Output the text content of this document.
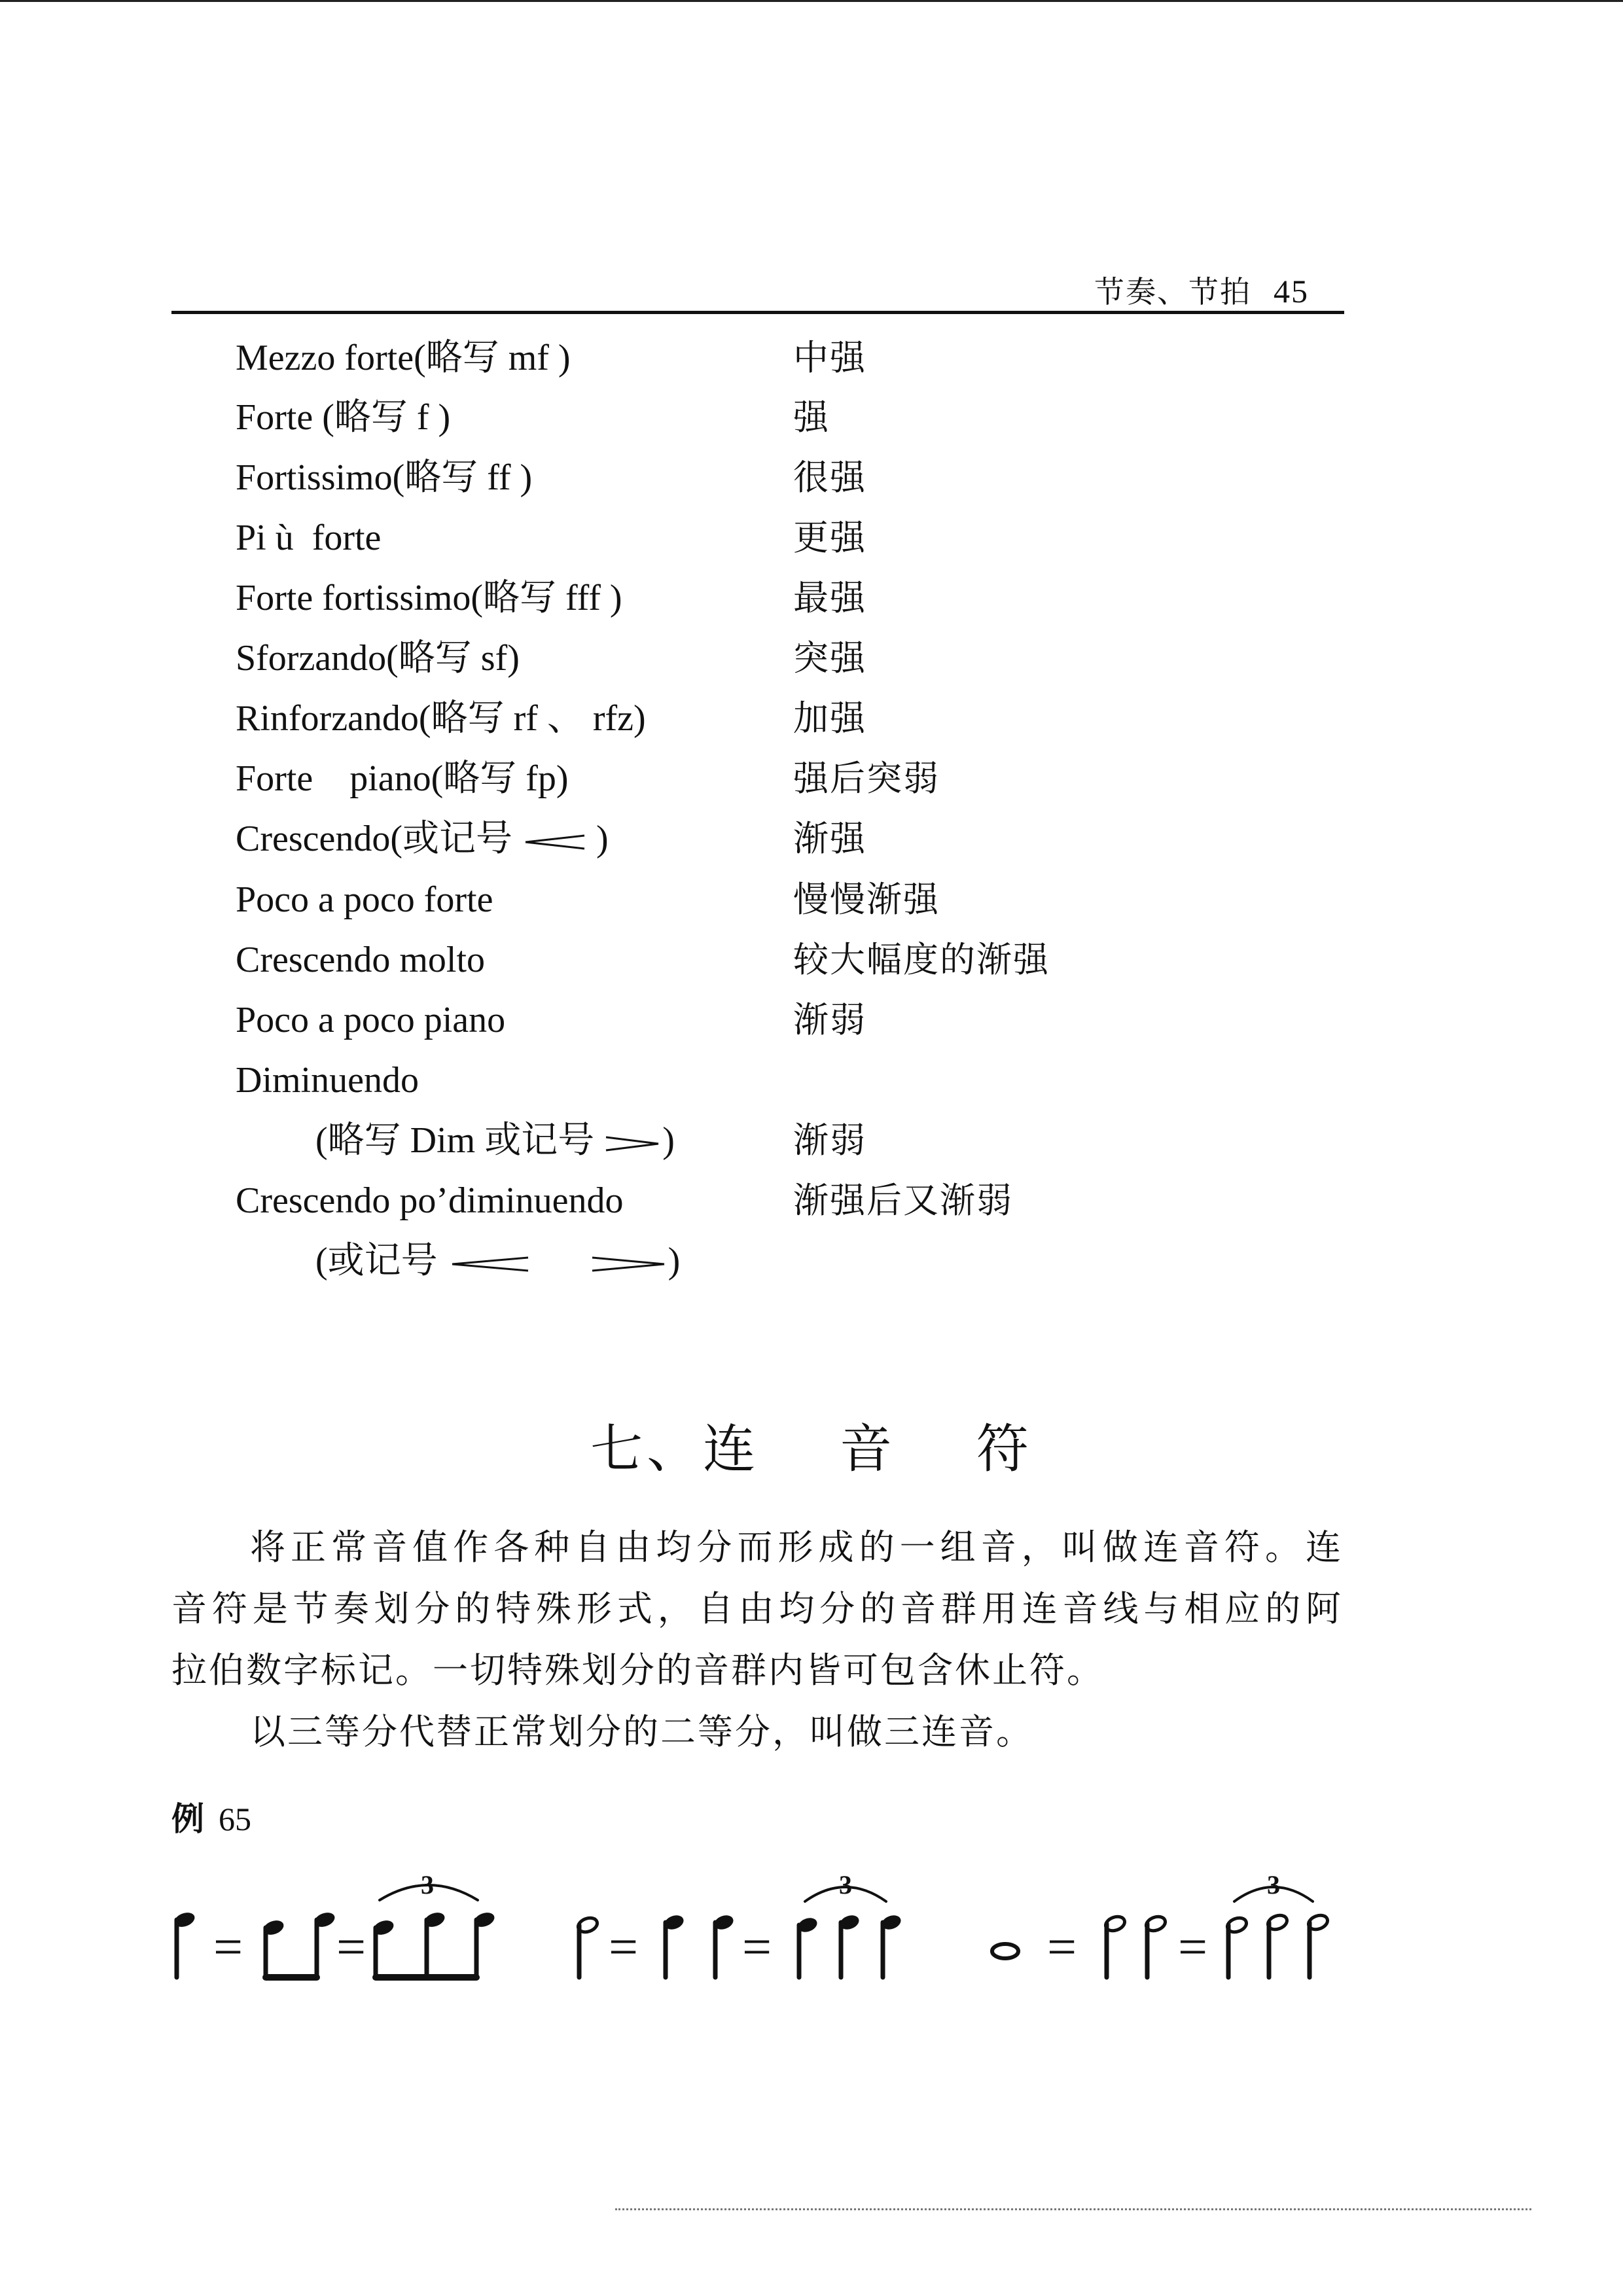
节奏、节拍 45
Mezzo forte(略写 mf )	中强
Forte (略写 f )	强
Fortissimo(略写 ff )	很强
Pi ù  forte	更强
Forte fortissimo(略写 fff )	最强
Sforzando(略写 sf)	突强
Rinforzando(略写 rf 、 rfz)	加强
Forte    piano(略写 fp)	强后突弱
Crescendo(或记号  )	渐强
Poco a poco forte	慢慢渐强
Crescendo molto	较大幅度的渐强
Poco a poco piano	渐弱
Diminuendo
(略写 Dim 或记号 )	渐弱
Crescendo po’diminuendo	渐强后又渐弱
(或记号	)
七、连  音  符
将正常音值作各种自由均分而形成的一组音，叫做连音符。连
音符是节奏划分的特殊形式，自由均分的音群用连音线与相应的阿
拉伯数字标记。一切特殊划分的音群内皆可包含休止符。
以三等分代替正常划分的二等分，叫做三连音。
例 65
= =	= =	= =
3	3	3
